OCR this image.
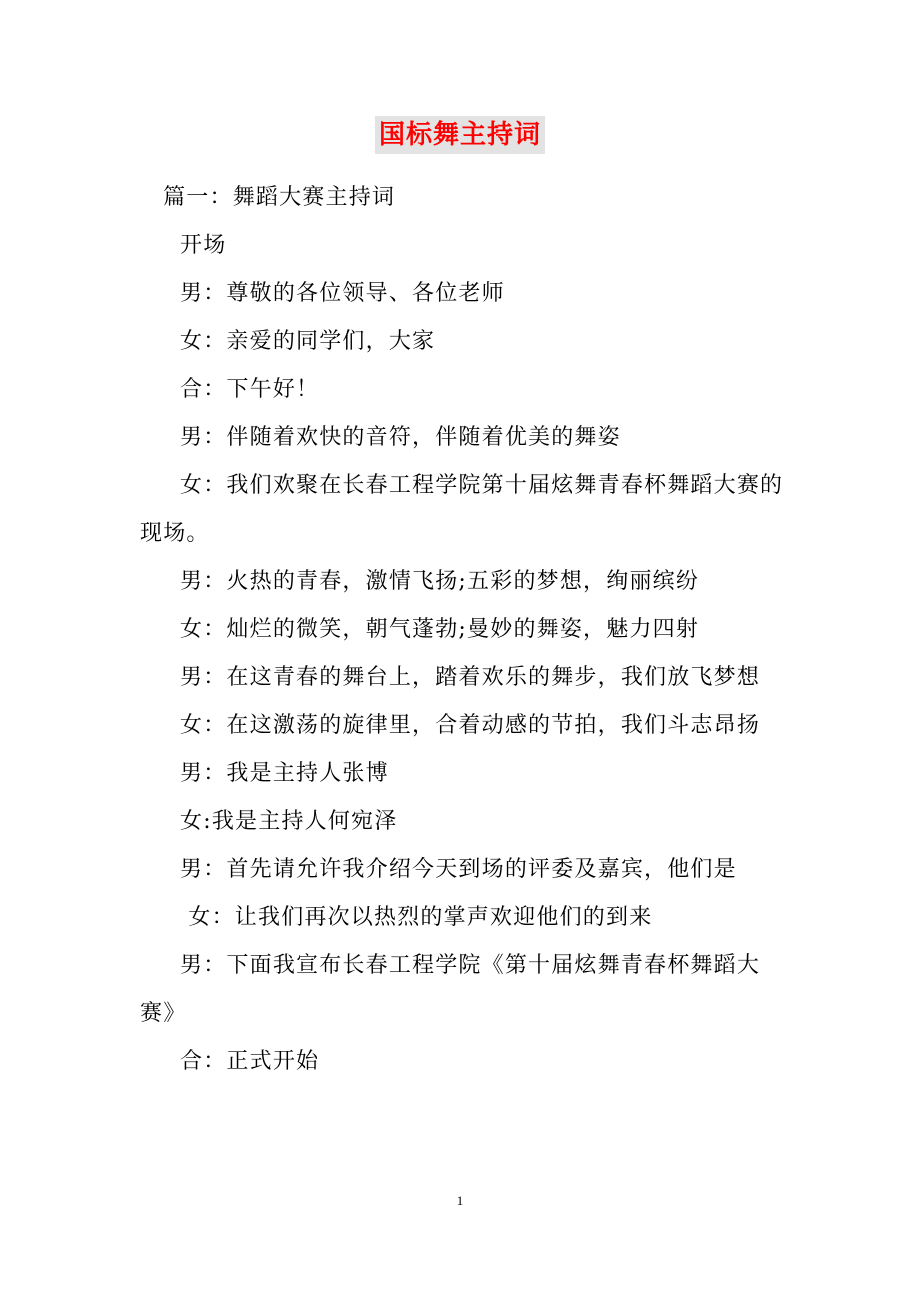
国标舞主持词

篇一：舞蹈大赛主持词

开场

男：尊敬的各位领导、各位老师

女：亲爱的同学们，大家

合：下午好！

男：伴随着欢快的音符，伴随着优美的舞姿

女：我们欢聚在长春工程学院第十届炫舞青春杯舞蹈大赛的现场。

男：火热的青春，激情飞扬;五彩的梦想，绚丽缤纷

女：灿烂的微笑，朝气蓬勃;曼妙的舞姿，魅力四射

男：在这青春的舞台上，踏着欢乐的舞步，我们放飞梦想

女：在这激荡的旋律里，合着动感的节拍，我们斗志昂扬

男：我是主持人张博

女:我是主持人何宛泽

男：首先请允许我介绍今天到场的评委及嘉宾，他们是

女：让我们再次以热烈的掌声欢迎他们的到来

男：下面我宣布长春工程学院《第十届炫舞青春杯舞蹈大赛》

合：正式开始

1
